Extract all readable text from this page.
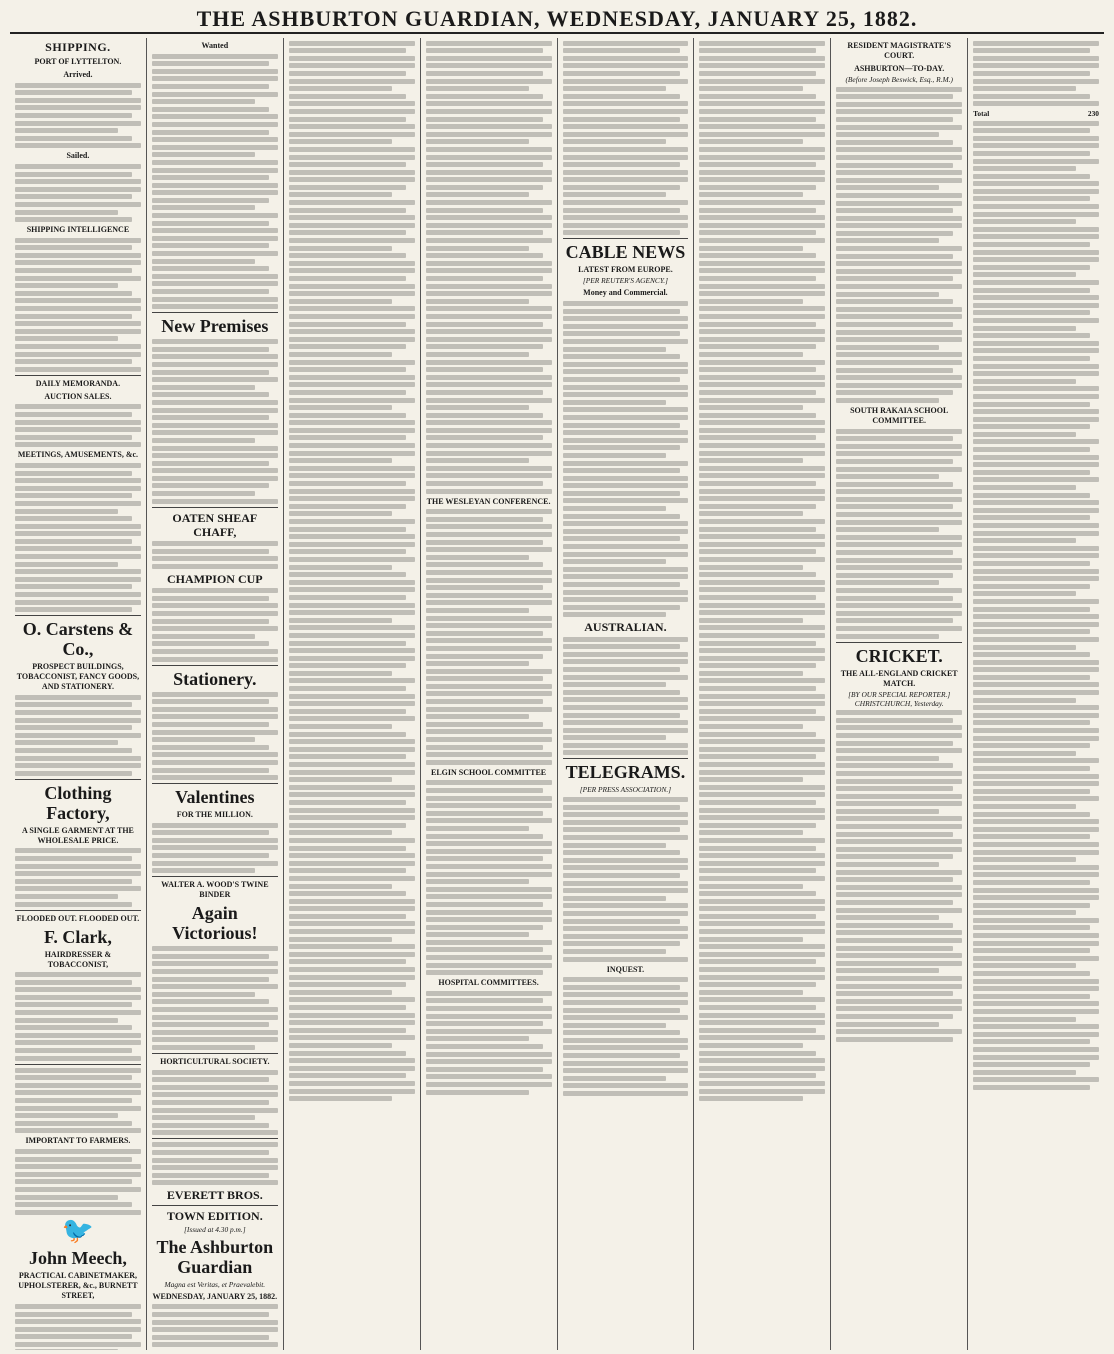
THE ASHBURTON GUARDIAN, WEDNESDAY, JANUARY 25, 1882.
SHIPPING.
PORT OF LYTTELTON.
Arrived.
Sailed.
SHIPPING INTELLIGENCE
DAILY MEMORANDA.
AUCTION SALES.
MEETINGS, AMUSEMENTS, &c.
O. Carstens & Co.,
PROSPECT BUILDINGS, TOBACCONIST, FANCY GOODS, AND STATIONERY.
Clothing Factory,
A SINGLE GARMENT AT THE WHOLESALE PRICE.
FLOODED OUT. FLOODED OUT.
F. Clark,
HAIRDRESSER & TOBACCONIST,
IMPORTANT TO FARMERS.
🐦
John Meech,
PRACTICAL CABINETMAKER, UPHOLSTERER, &c., BURNETT STREET,
Wanted
New Premises
OATEN SHEAF CHAFF,
CHAMPION CUP
Stationery.
Valentines
FOR THE MILLION.
WALTER A. WOOD'S TWINE BINDER
Again Victorious!
HORTICULTURAL SOCIETY.
EVERETT BROS.
TOWN EDITION.
[Issued at 4.30 p.m.]
The Ashburton Guardian
Magna est Veritas, et Praevalebit.
WEDNESDAY, JANUARY 25, 1882.
THE WESLEYAN CONFERENCE.
ELGIN SCHOOL COMMITTEE
HOSPITAL COMMITTEES.
CABLE NEWS
LATEST FROM EUROPE.
[PER REUTER'S AGENCY.]
Money and Commercial.
AUSTRALIAN.
TELEGRAMS.
[PER PRESS ASSOCIATION.]
INQUEST.
RESIDENT MAGISTRATE'S COURT.
ASHBURTON—TO-DAY.
(Before Joseph Beswick, Esq., R.M.)
SOUTH RAKAIA SCHOOL COMMITTEE.
CRICKET.
THE ALL-ENGLAND CRICKET MATCH.
[BY OUR SPECIAL REPORTER.]
CHRISTCHURCH, Yesterday.
Total	230
